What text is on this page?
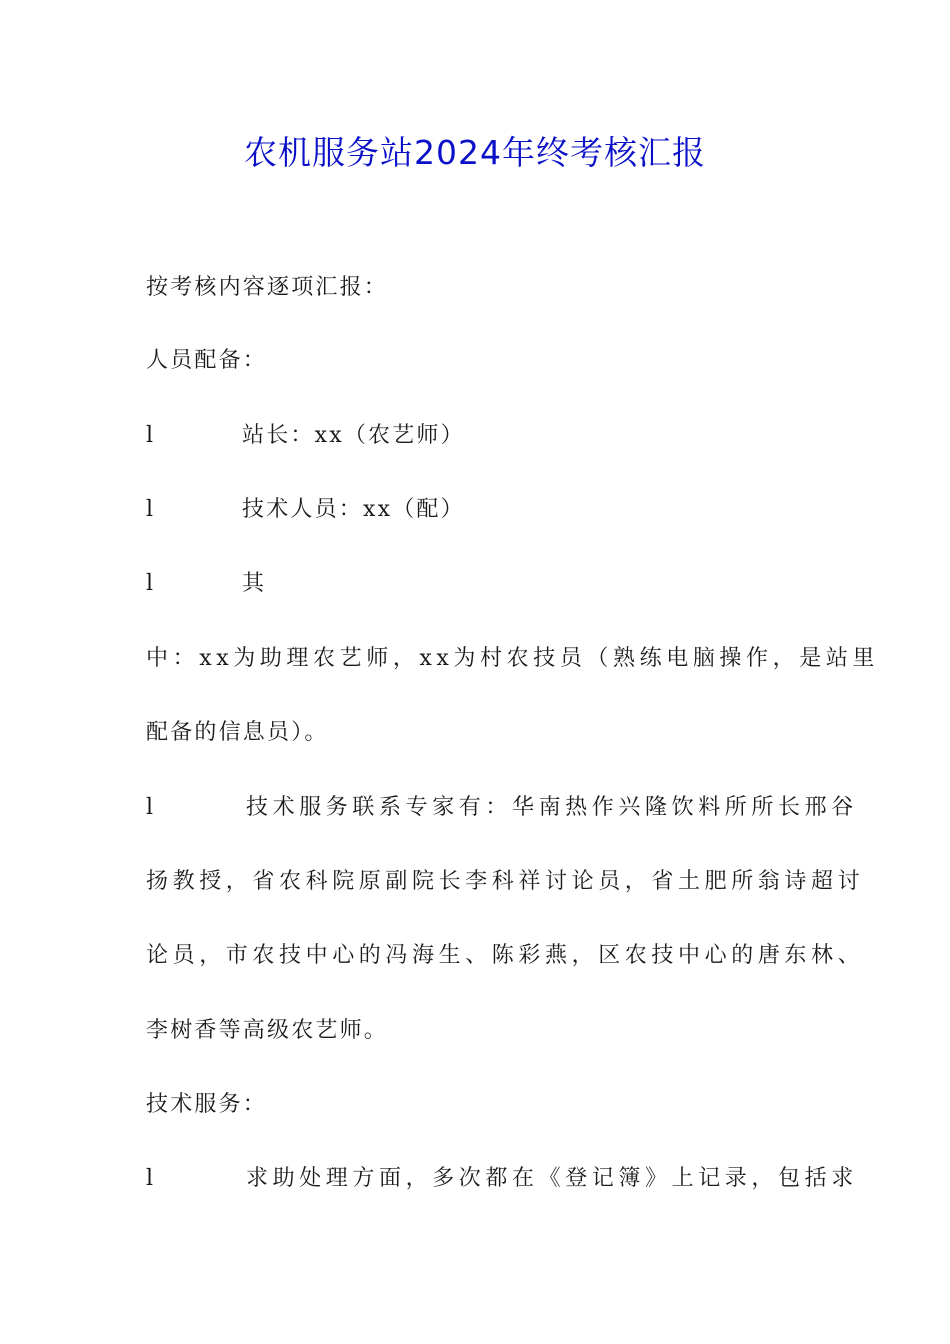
农机服务站2024年终考核汇报
按考核内容逐项汇报：
人员配备：
l	站长：xx（农艺师）
l	技术人员：xx（配）
l	其
中：xx为助理农艺师，xx为村农技员（熟练电脑操作，是站里
配备的信息员）。
l	技术服务联系专家有：华南热作兴隆饮料所所长邢谷
扬教授，省农科院原副院长李科祥讨论员，省土肥所翁诗超讨
论员，市农技中心的冯海生、陈彩燕，区农技中心的唐东林、
李树香等高级农艺师。
技术服务：
l	求助处理方面，多次都在《登记簿》上记录，包括求
